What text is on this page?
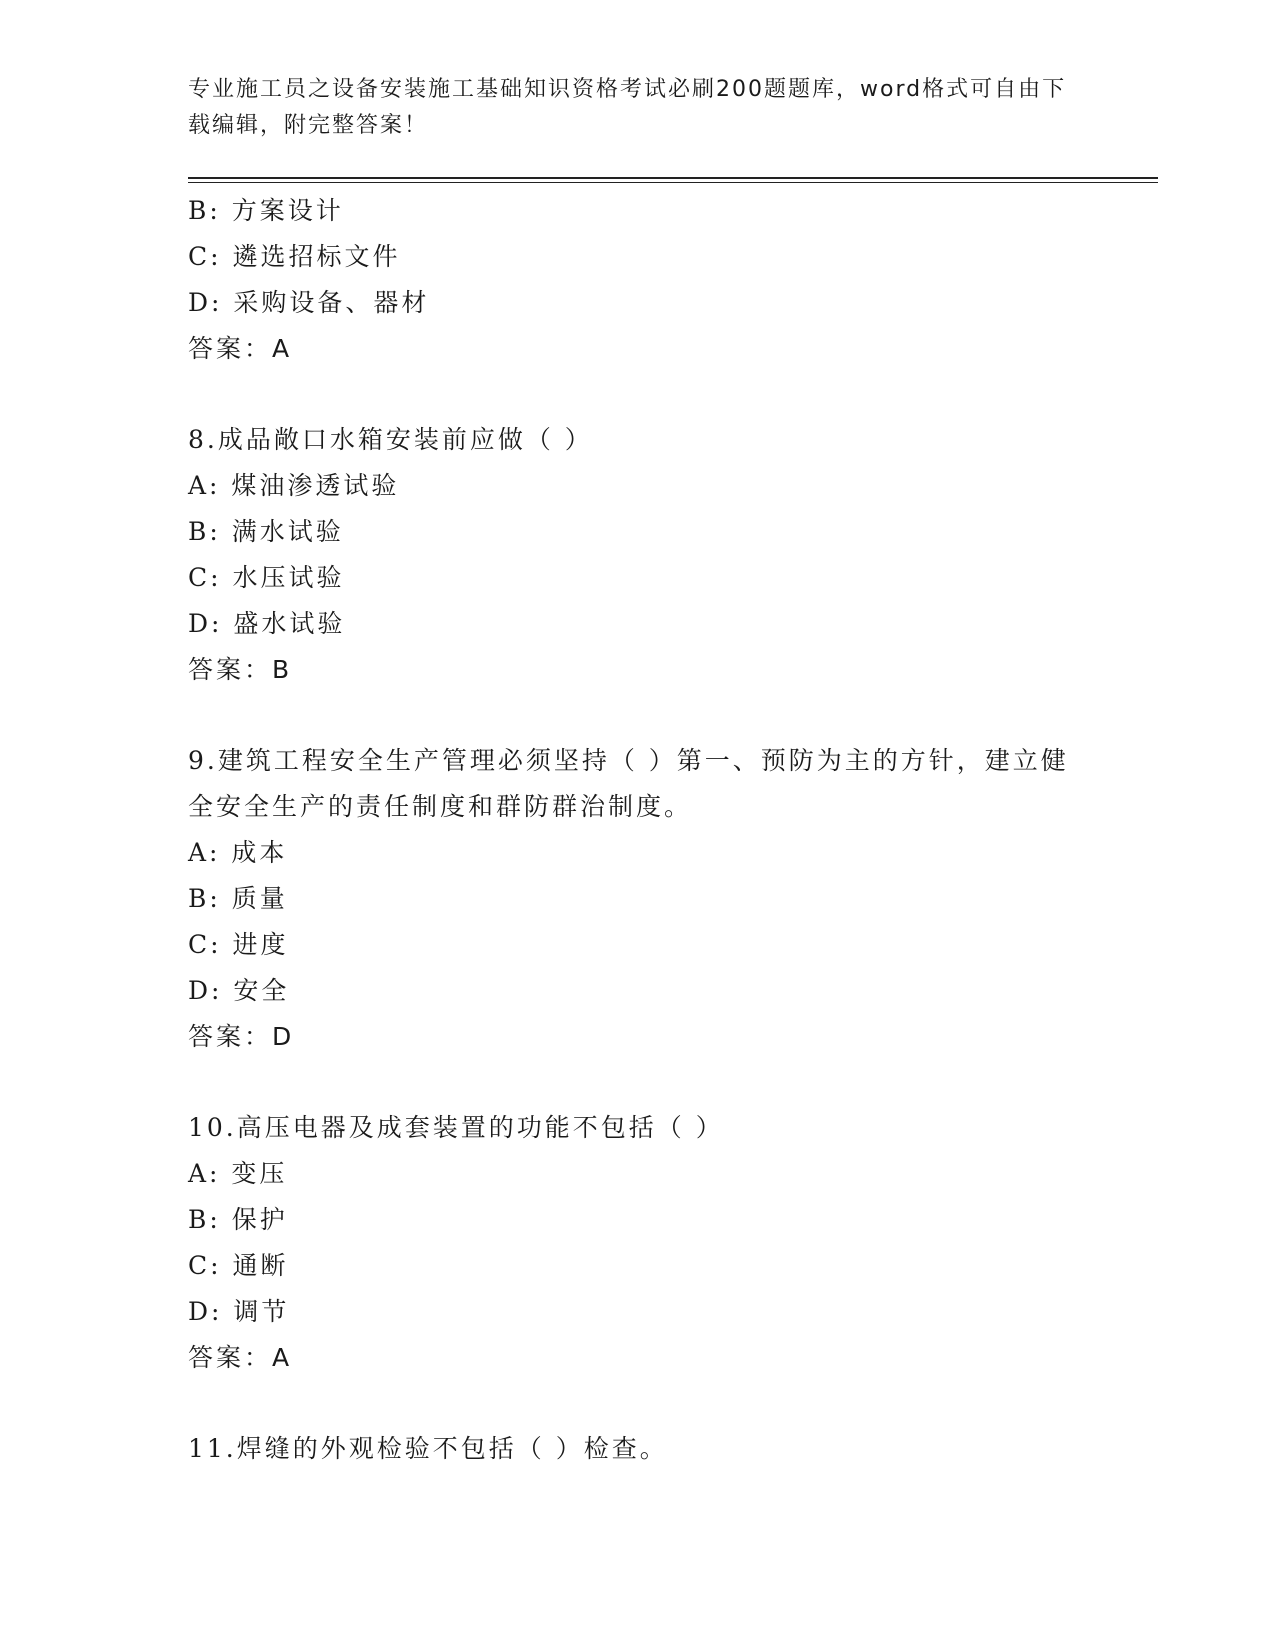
专业施工员之设备安装施工基础知识资格考试必刷200题题库，word格式可自由下载编辑，附完整答案！
B: 方案设计
C: 遴选招标文件
D: 采购设备、器材
答案：A
8.成品敞口水箱安装前应做（ ）
A: 煤油渗透试验
B: 满水试验
C: 水压试验
D: 盛水试验
答案：B
9.建筑工程安全生产管理必须坚持（ ）第一、预防为主的方针，建立健全安全生产的责任制度和群防群治制度。
A: 成本
B: 质量
C: 进度
D: 安全
答案：D
10.高压电器及成套装置的功能不包括（ ）
A: 变压
B: 保护
C: 通断
D: 调节
答案：A
11.焊缝的外观检验不包括（ ）检查。
